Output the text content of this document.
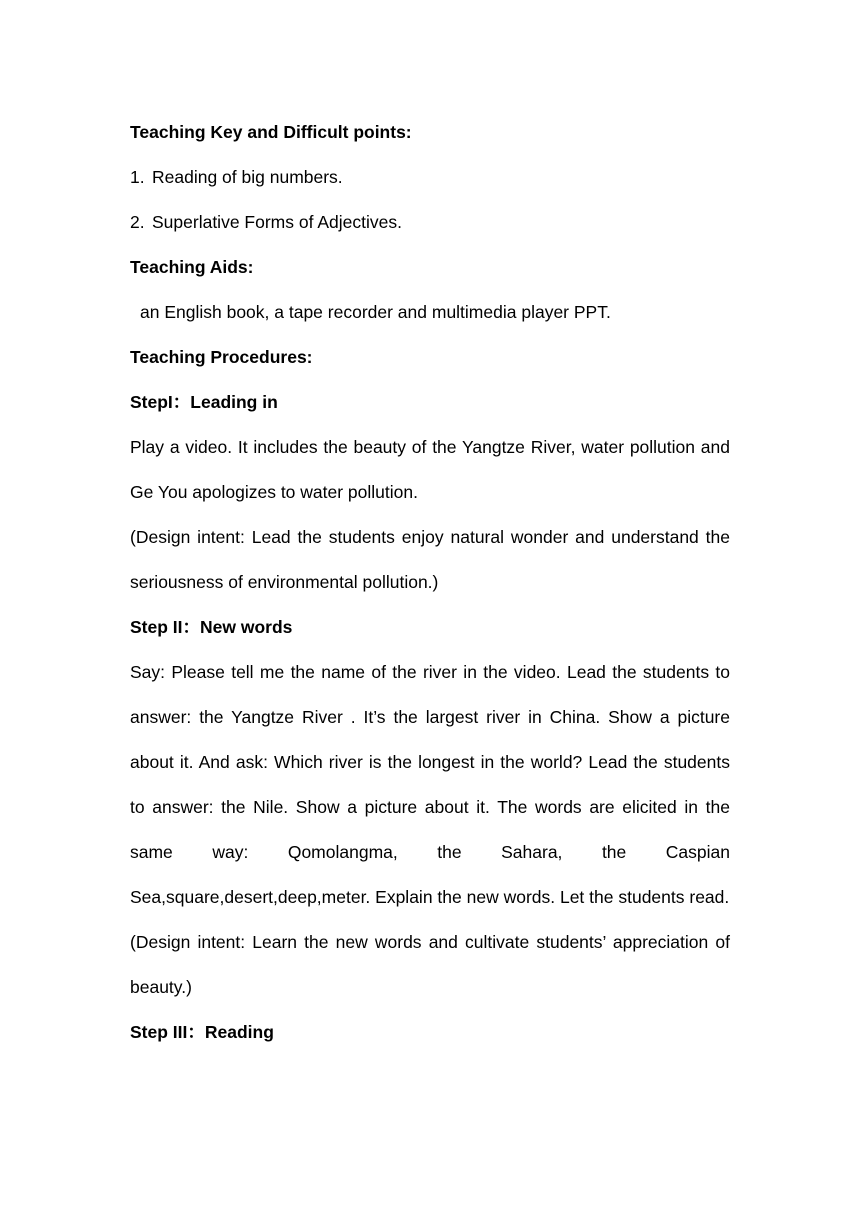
Teaching Key and Difficult points:
1. Reading of big numbers.
2. Superlative Forms of Adjectives.
Teaching Aids:
an English book, a tape recorder and multimedia player PPT.
Teaching Procedures:
StepI：Leading in
Play a video. It includes the beauty of the Yangtze River, water pollution and Ge You apologizes to water pollution.
(Design intent: Lead the students enjoy natural wonder and understand the seriousness of environmental pollution.)
Step II：New words
Say: Please tell me the name of the river in the video. Lead the students to answer: the Yangtze River . It’s the largest river in China. Show a picture about it. And ask: Which river is the longest in the world? Lead the students to answer: the Nile. Show a picture about it. The words are elicited in the same way: Qomolangma, the Sahara, the Caspian Sea,square,desert,deep,meter. Explain the new words. Let the students read.
(Design intent: Learn the new words and cultivate students’ appreciation of beauty.)
Step III：Reading
